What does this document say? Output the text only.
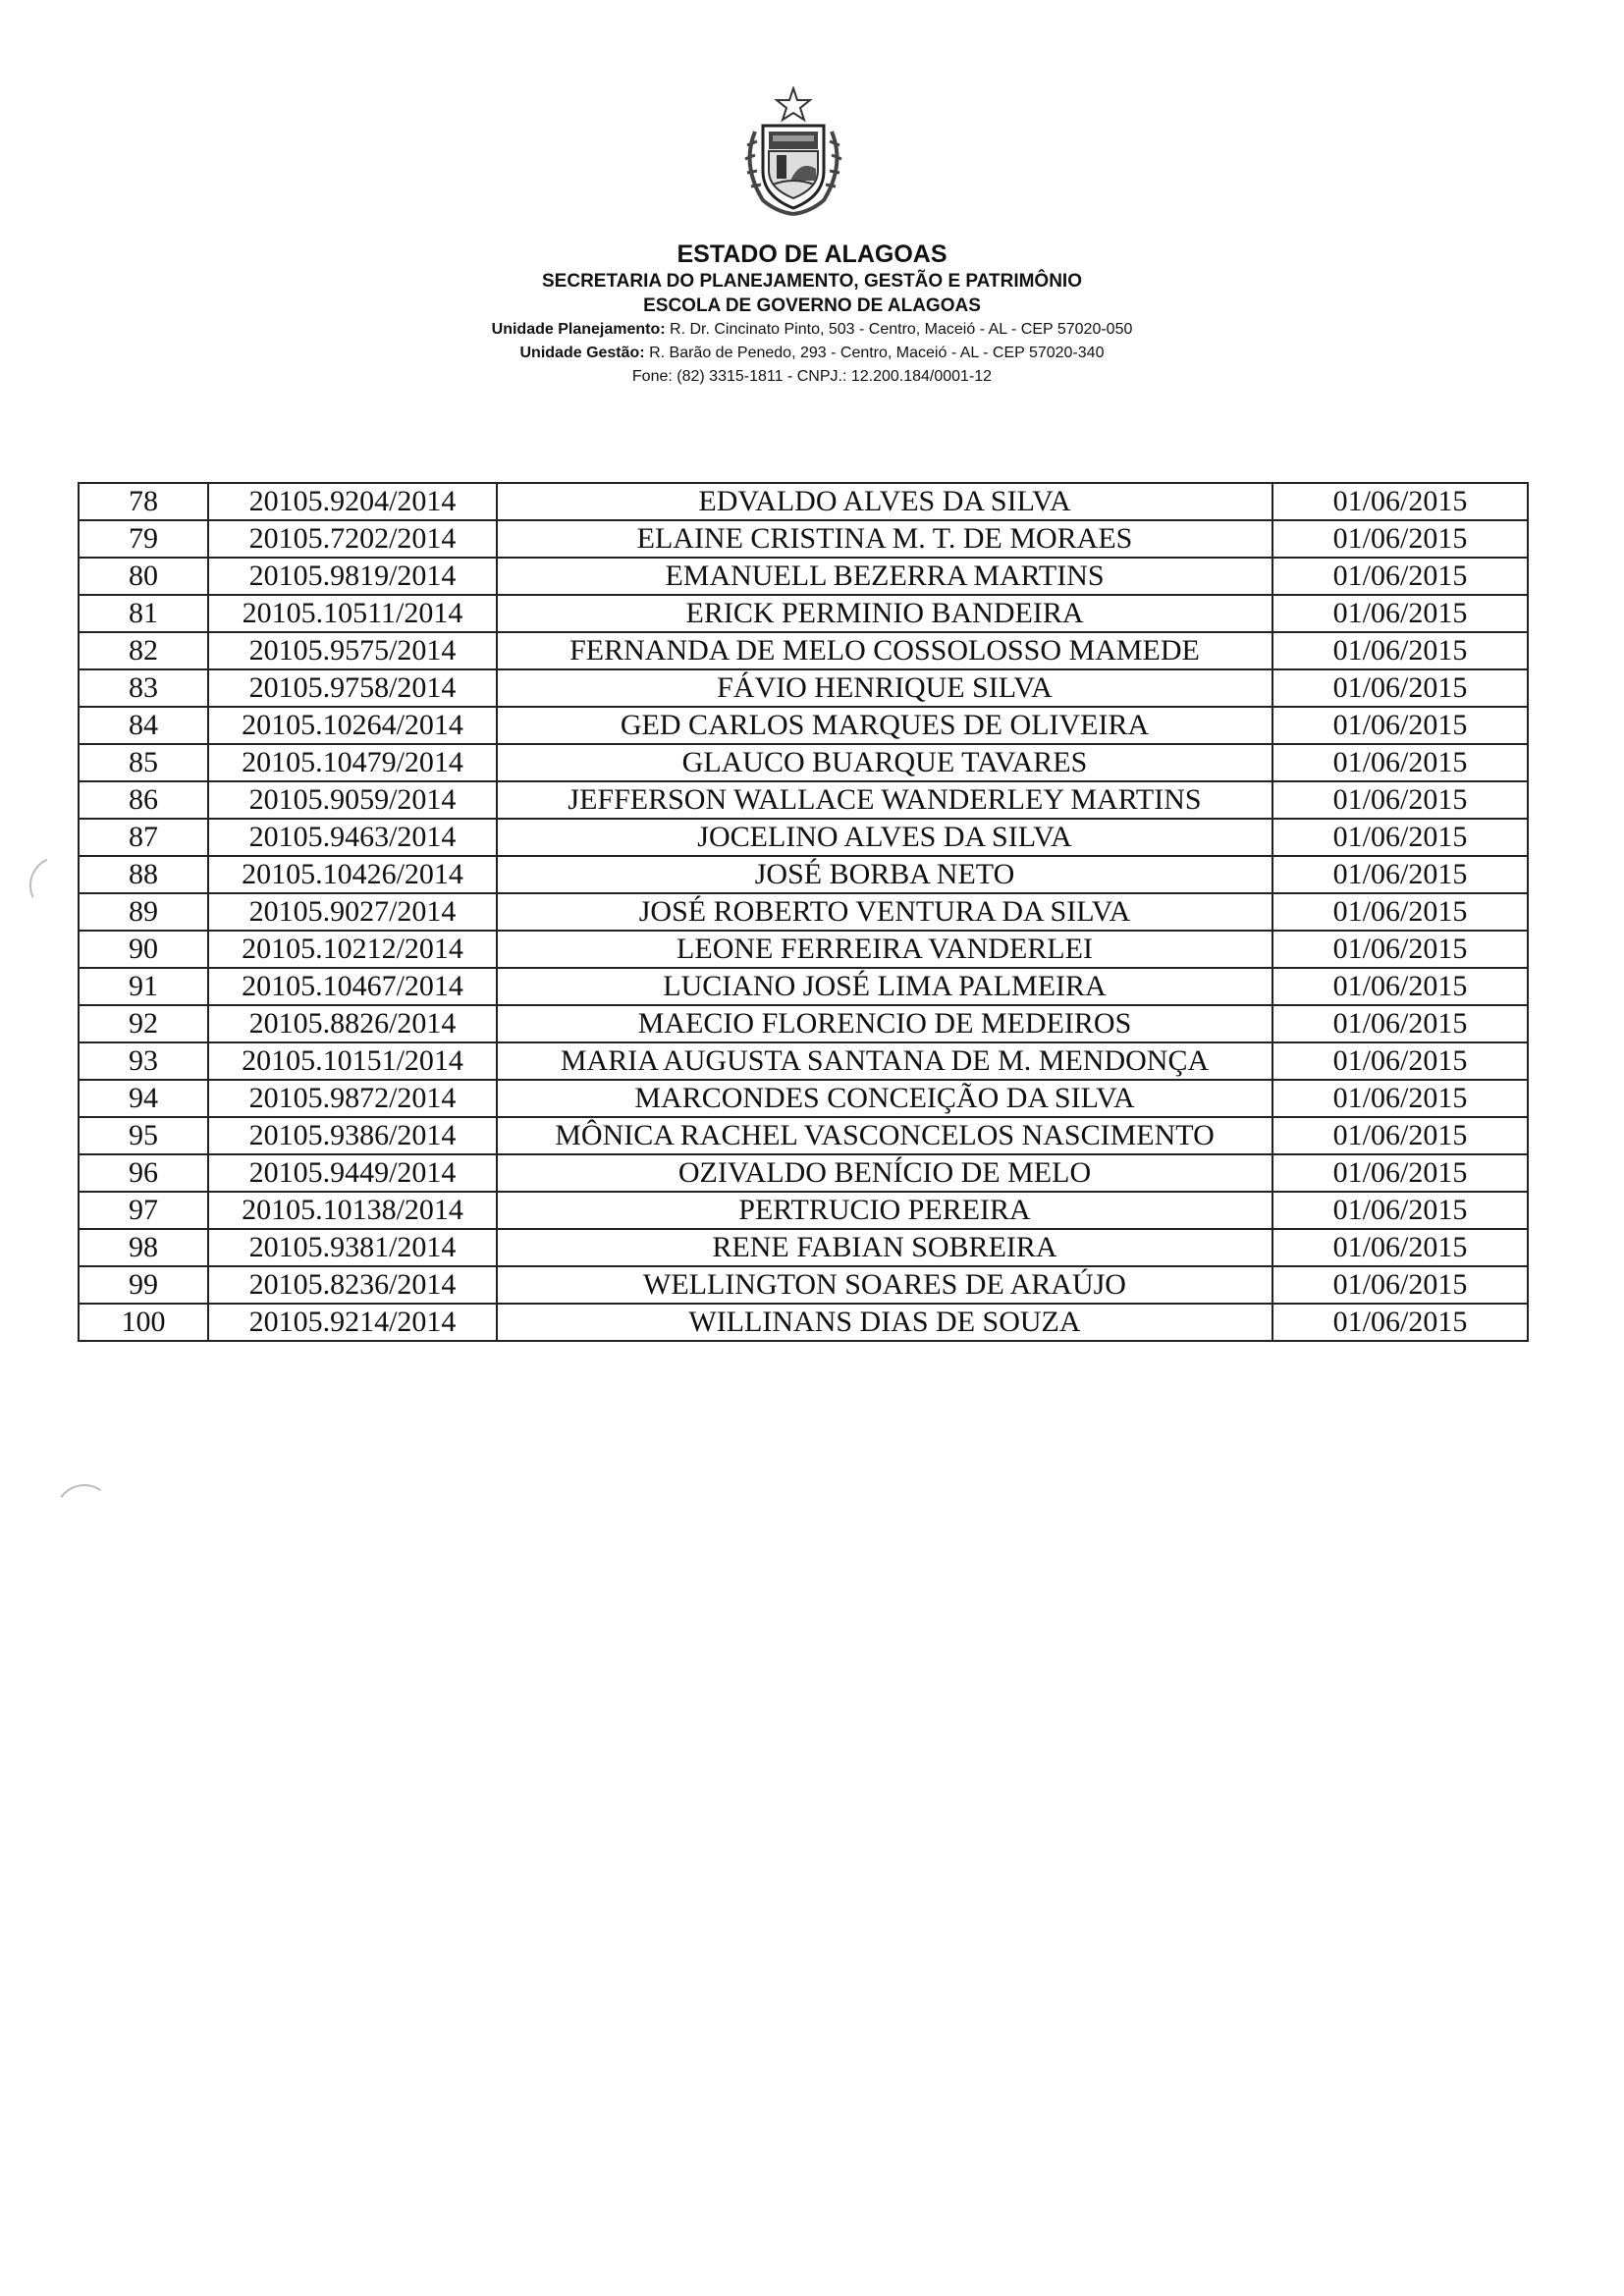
ESTADO DE ALAGOAS
SECRETARIA DO PLANEJAMENTO, GESTÃO E PATRIMÔNIO
ESCOLA DE GOVERNO DE ALAGOAS
Unidade Planejamento: R. Dr. Cincinato Pinto, 503 - Centro, Maceió - AL - CEP 57020-050
Unidade Gestão: R. Barão de Penedo, 293 - Centro, Maceió - AL - CEP 57020-340
Fone: (82) 3315-1811 - CNPJ.: 12.200.184/0001-12
78	20105.9204/2014	EDVALDO ALVES DA SILVA	01/06/2015
79	20105.7202/2014	ELAINE CRISTINA M. T. DE MORAES	01/06/2015
80	20105.9819/2014	EMANUELL BEZERRA MARTINS	01/06/2015
81	20105.10511/2014	ERICK PERMINIO BANDEIRA	01/06/2015
82	20105.9575/2014	FERNANDA DE MELO COSSOLOSSO MAMEDE	01/06/2015
83	20105.9758/2014	FÁVIO HENRIQUE SILVA	01/06/2015
84	20105.10264/2014	GED CARLOS MARQUES DE OLIVEIRA	01/06/2015
85	20105.10479/2014	GLAUCO BUARQUE TAVARES	01/06/2015
86	20105.9059/2014	JEFFERSON WALLACE WANDERLEY MARTINS	01/06/2015
87	20105.9463/2014	JOCELINO ALVES DA SILVA	01/06/2015
88	20105.10426/2014	JOSÉ BORBA NETO	01/06/2015
89	20105.9027/2014	JOSÉ ROBERTO VENTURA DA SILVA	01/06/2015
90	20105.10212/2014	LEONE FERREIRA VANDERLEI	01/06/2015
91	20105.10467/2014	LUCIANO JOSÉ LIMA PALMEIRA	01/06/2015
92	20105.8826/2014	MAECIO FLORENCIO DE MEDEIROS	01/06/2015
93	20105.10151/2014	MARIA AUGUSTA SANTANA DE M. MENDONÇA	01/06/2015
94	20105.9872/2014	MARCONDES CONCEIÇÃO DA SILVA	01/06/2015
95	20105.9386/2014	MÔNICA RACHEL VASCONCELOS NASCIMENTO	01/06/2015
96	20105.9449/2014	OZIVALDO BENÍCIO DE MELO	01/06/2015
97	20105.10138/2014	PERTRUCIO PEREIRA	01/06/2015
98	20105.9381/2014	RENE FABIAN SOBREIRA	01/06/2015
99	20105.8236/2014	WELLINGTON SOARES DE ARAÚJO	01/06/2015
100	20105.9214/2014	WILLINANS DIAS DE SOUZA	01/06/2015
